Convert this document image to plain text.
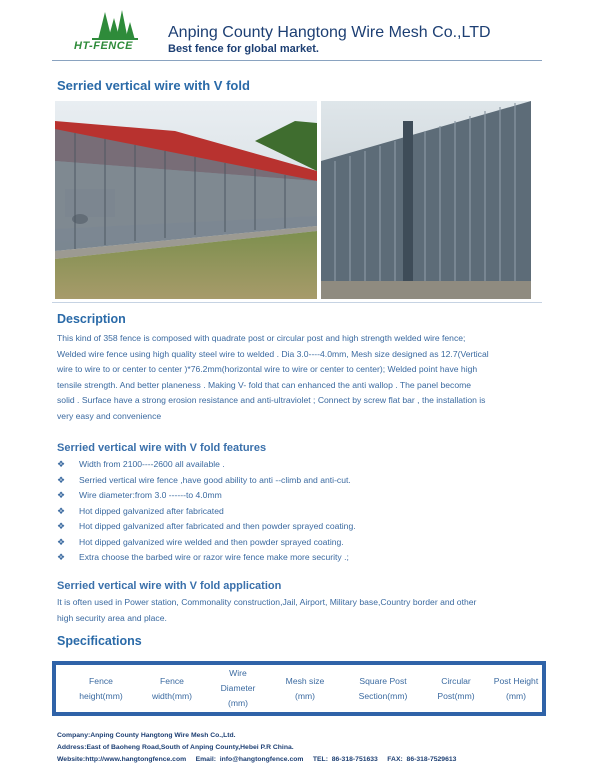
HT-FENCE
Anping County Hangtong Wire Mesh Co.,LTD
Best fence for global market.
Serried vertical wire with V fold
Description
This kind of 358 fence is composed with quadrate post or circular post and high strength welded wire fence;
Welded wire fence using high quality steel wire to welded . Dia 3.0----4.0mm, Mesh size designed as 12.7(Vertical
wire to wire to or center to center )*76.2mm(horizontal wire to wire or center to center); Welded point have high
tensile strength. And better planeness . Making V- fold that can enhanced the anti wallop . The panel become
solid . Surface have a strong erosion resistance and anti-ultraviolet ; Connect by screw flat bar , the installation is
very easy and convenience
Serried vertical wire with V fold features
❖ Width from 2100----2600 all available .
❖ Serried vertical wire fence ,have good ability to anti --climb and anti-cut.
❖ Wire diameter:from 3.0 ------to 4.0mm
❖ Hot dipped galvanized after fabricated
❖ Hot dipped galvanized after fabricated and then powder sprayed coating.
❖ Hot dipped galvanized wire welded and then powder sprayed coating.
❖ Extra choose the barbed wire or razor wire fence make more security .;
Serried vertical wire with V fold application
It is often used in Power station, Commonality construction,Jail, Airport, Military base,Country border and other
high security area and place.
Specifications
Fence
height(mm)
Fence
width(mm)
Wire
Diameter
(mm)
Mesh size
(mm)
Square Post
Section(mm)
Circular
Post(mm)
Post Height
(mm)
Company:Anping County Hangtong Wire Mesh Co.,Ltd.
Address:East of Baoheng Road,South of Anping County,Hebei P.R China.
Website:http://www.hangtongfence.com     Email:  info@hangtongfence.com     TEL:  86-318-751633     FAX:  86-318-7529613
